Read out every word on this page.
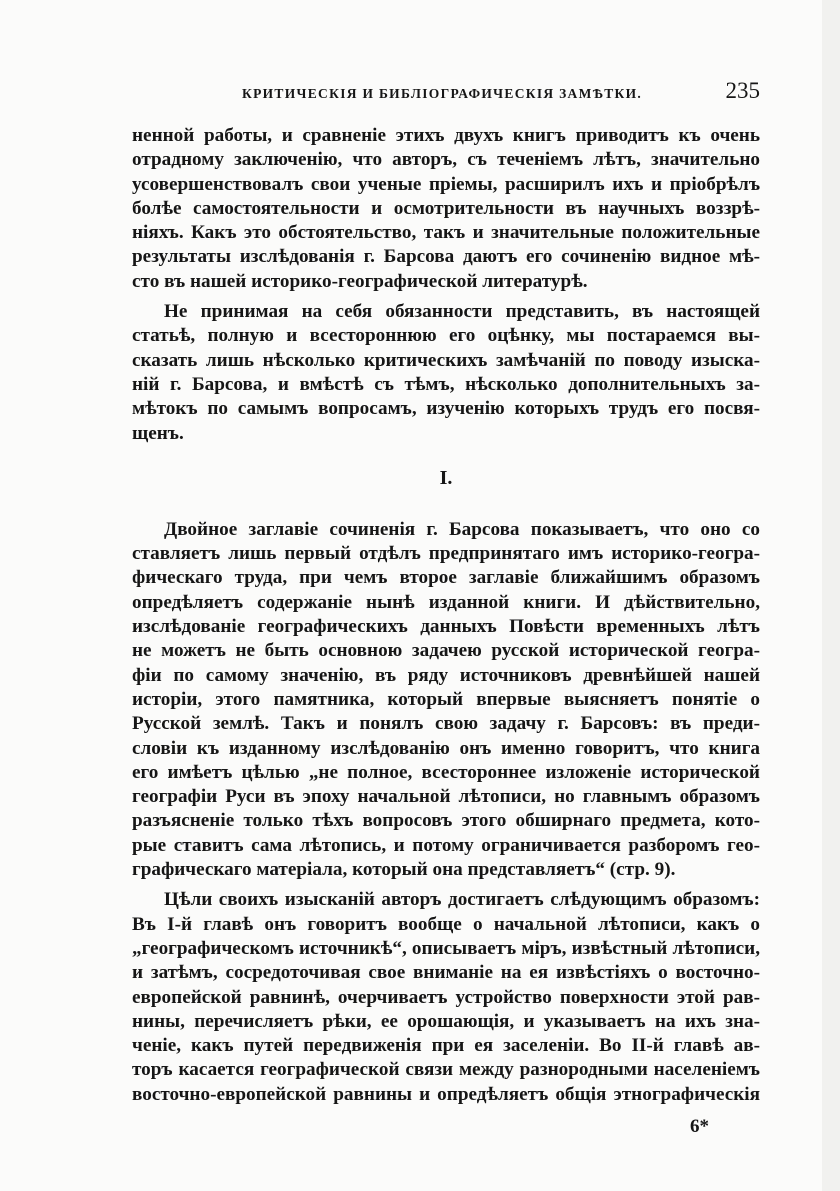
КРИТИЧЕСКІЯ И БИБЛІОГРАФИЧЕСКІЯ ЗАМѢТКИ.	235
ненной работы, и сравненіе этихъ двухъ книгъ приводитъ къ очень
отрадному заключенію, что авторъ, съ теченіемъ лѣтъ, значительно
усовершенствовалъ свои ученые пріемы, расширилъ ихъ и пріобрѣлъ
болѣе самостоятельности и осмотрительности въ научныхъ воззрѣ-
ніяхъ. Какъ это обстоятельство, такъ и значительные положительные
результаты изслѣдованія г. Барсова даютъ его сочиненію видное мѣ-
сто въ нашей историко-географической литературѣ.
Не принимая на себя обязанности представить, въ настоящей
статьѣ, полную и всестороннюю его оцѣнку, мы постараемся вы-
сказать лишь нѣсколько критическихъ замѣчаній по поводу изыска-
ній г. Барсова, и вмѣстѣ съ тѣмъ, нѣсколько дополнительныхъ за-
мѣтокъ по самымъ вопросамъ, изученію которыхъ трудъ его посвя-
щенъ.
I.
Двойное заглавіе сочиненія г. Барсова показываетъ, что оно со
ставляетъ лишь первый отдѣлъ предпринятаго имъ историко-геогра-
фическаго труда, при чемъ второе заглавіе ближайшимъ образомъ
опредѣляетъ содержаніе нынѣ изданной книги. И дѣйствительно,
изслѣдованіе географическихъ данныхъ Повѣсти временныхъ лѣтъ
не можетъ не быть основною задачею русской исторической геогра-
фіи по самому значенію, въ ряду источниковъ древнѣйшей нашей
исторіи, этого памятника, который впервые выясняетъ понятіе о
Русской землѣ. Такъ и понялъ свою задачу г. Барсовъ: въ преди-
словіи къ изданному изслѣдованію онъ именно говоритъ, что книга
его имѣетъ цѣлью „не полное, всестороннее изложеніе исторической
географіи Руси въ эпоху начальной лѣтописи, но главнымъ образомъ
разъясненіе только тѣхъ вопросовъ этого обширнаго предмета, кото-
рые ставитъ сама лѣтопись, и потому ограничивается разборомъ гео-
графическаго матеріала, который она представляетъ“ (стр. 9).
Цѣли своихъ изысканій авторъ достигаетъ слѣдующимъ образомъ:
Въ І-й главѣ онъ говоритъ вообще о начальной лѣтописи, какъ о
„географическомъ источникѣ“, описываетъ міръ, извѣстный лѣтописи,
и затѣмъ, сосредоточивая свое вниманіе на ея извѣстіяхъ о восточно-
европейской равнинѣ, очерчиваетъ устройство поверхности этой рав-
нины, перечисляетъ рѣки, ее орошающія, и указываетъ на ихъ зна-
ченіе, какъ путей передвиженія при ея заселеніи. Во ІІ-й главѣ ав-
торъ касается географической связи между разнородными населеніемъ
восточно-европейской равнины и опредѣляетъ общія этнографическія
6*
